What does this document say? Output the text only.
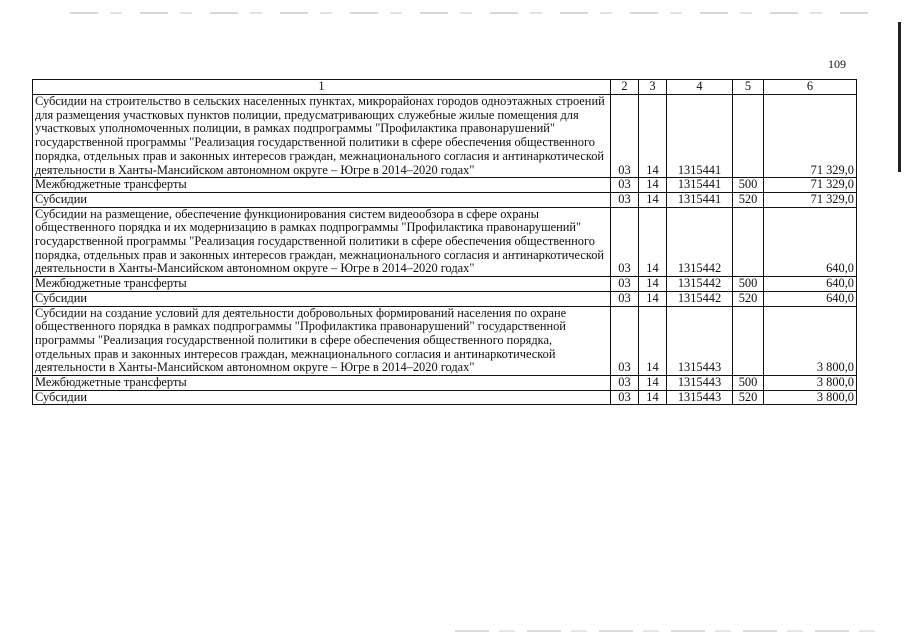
109
1	2	3	4	5	6
Субсидии на строительство в сельских населенных пунктах, микрорайонах городов одноэтажных строений для размещения участковых пунктов полиции, предусматривающих служебные жилые помещения для участковых уполномоченных полиции, в рамках подпрограммы "Профилактика правонарушений" государственной программы "Реализация государственной политики в сфере обеспечения общественного порядка, отдельных прав и законных интересов граждан, межнационального согласия и антинаркотической деятельности в Ханты-Мансийском автономном округе – Югре в 2014–2020 годах"	03	14	1315441		71 329,0
Межбюджетные трансферты	03	14	1315441	500	71 329,0
Субсидии	03	14	1315441	520	71 329,0
Субсидии на размещение, обеспечение функционирования систем видеообзора в сфере охраны общественного порядка и их модернизацию в рамках подпрограммы "Профилактика правонарушений" государственной программы "Реализация государственной политики в сфере обеспечения общественного порядка, отдельных прав и законных интересов граждан, межнационального согласия и антинаркотической деятельности в Ханты-Мансийском автономном округе – Югре в 2014–2020 годах"	03	14	1315442		640,0
Межбюджетные трансферты	03	14	1315442	500	640,0
Субсидии	03	14	1315442	520	640,0
Субсидии на создание условий для деятельности добровольных формирований населения по охране общественного порядка в рамках подпрограммы "Профилактика правонарушений" государственной программы "Реализация государственной политики в сфере обеспечения общественного порядка, отдельных прав и законных интересов граждан, межнационального согласия и антинаркотической деятельности в Ханты-Мансийском автономном округе – Югре в 2014–2020 годах"	03	14	1315443		3 800,0
Межбюджетные трансферты	03	14	1315443	500	3 800,0
Субсидии	03	14	1315443	520	3 800,0
